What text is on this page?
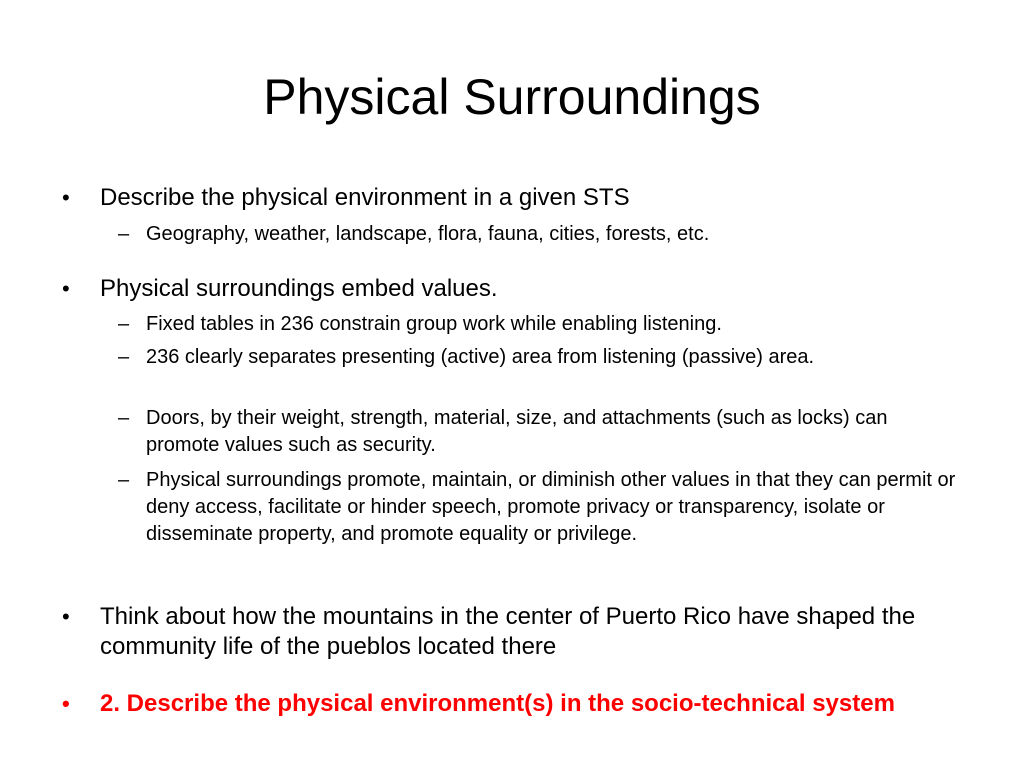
Physical Surroundings
• Describe the physical environment in a given STS
– Geography, weather, landscape, flora, fauna, cities, forests, etc.
• Physical surroundings embed values.
– Fixed tables in 236 constrain group work while enabling listening.
– 236 clearly separates presenting (active) area from listening (passive) area.
– Doors, by their weight, strength, material, size, and attachments (such as locks) can promote values such as security.
– Physical surroundings promote, maintain, or diminish other values in that they can permit or deny access, facilitate or hinder speech, promote privacy or transparency, isolate or disseminate property, and promote equality or privilege.
• Think about how the mountains in the center of Puerto Rico have shaped the community life of the pueblos located there
• 2. Describe the physical environment(s) in the socio-technical system
